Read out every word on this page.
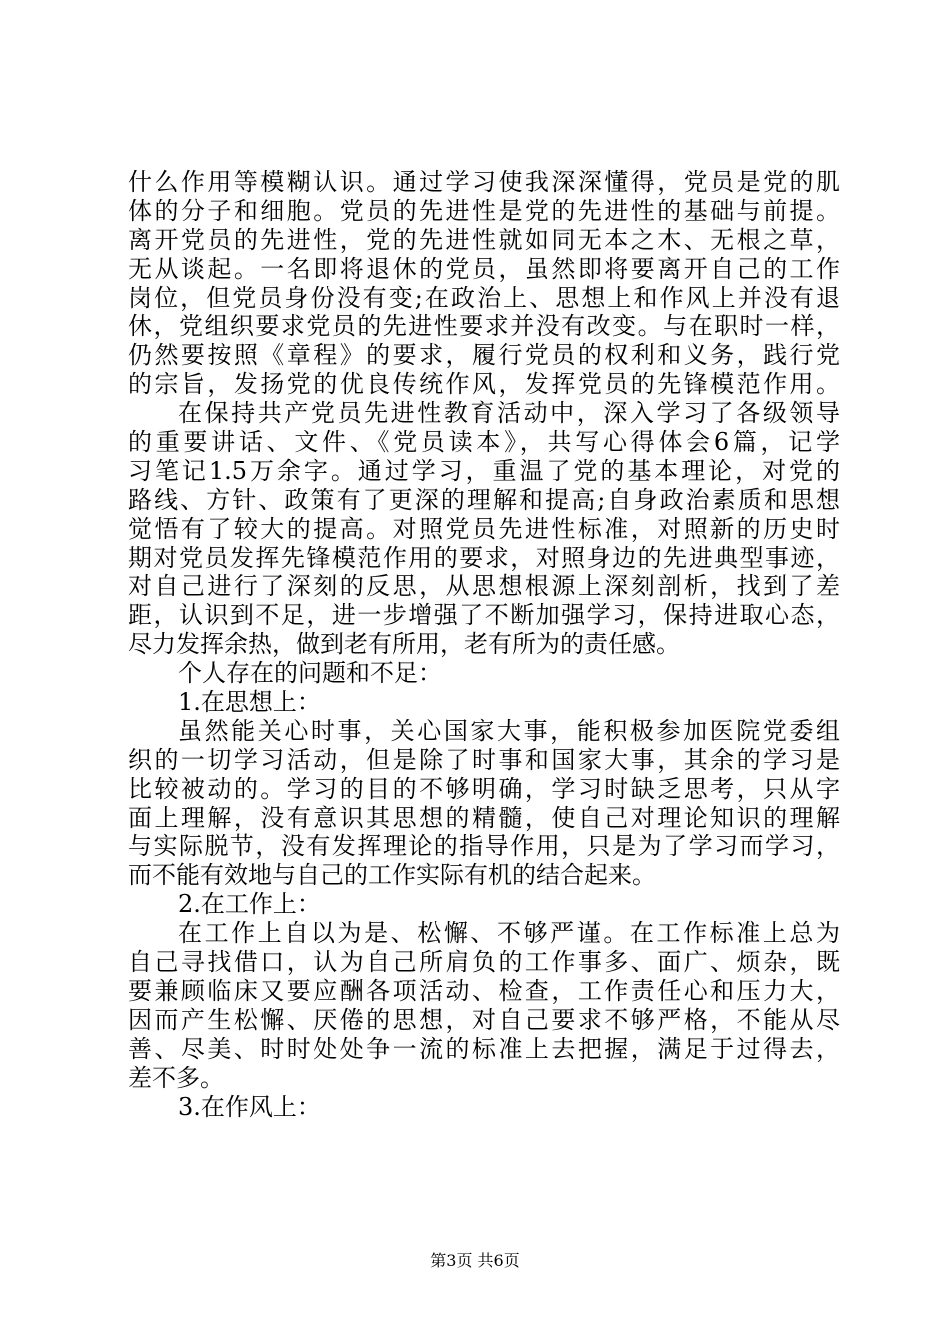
什么作用等模糊认识。通过学习使我深深懂得，党员是党的肌
体的分子和细胞。党员的先进性是党的先进性的基础与前提。
离开党员的先进性，党的先进性就如同无本之木、无根之草，
无从谈起。一名即将退休的党员，虽然即将要离开自己的工作
岗位，但党员身份没有变;在政治上、思想上和作风上并没有退
休，党组织要求党员的先进性要求并没有改变。与在职时一样，
仍然要按照《章程》的要求，履行党员的权利和义务，践行党
的宗旨，发扬党的优良传统作风，发挥党员的先锋模范作用。
在保持共产党员先进性教育活动中，深入学习了各级领导
的重要讲话、文件、《党员读本》，共写心得体会6篇，记学
习笔记1.5万余字。通过学习，重温了党的基本理论，对党的
路线、方针、政策有了更深的理解和提高;自身政治素质和思想
觉悟有了较大的提高。对照党员先进性标准，对照新的历史时
期对党员发挥先锋模范作用的要求，对照身边的先进典型事迹，
对自己进行了深刻的反思，从思想根源上深刻剖析，找到了差
距，认识到不足，进一步增强了不断加强学习，保持进取心态，
尽力发挥余热，做到老有所用，老有所为的责任感。
个人存在的问题和不足：
1.在思想上：
虽然能关心时事，关心国家大事，能积极参加医院党委组
织的一切学习活动，但是除了时事和国家大事，其余的学习是
比较被动的。学习的目的不够明确，学习时缺乏思考，只从字
面上理解，没有意识其思想的精髓，使自己对理论知识的理解
与实际脱节，没有发挥理论的指导作用，只是为了学习而学习，
而不能有效地与自己的工作实际有机的结合起来。
2.在工作上：
在工作上自以为是、松懈、不够严谨。在工作标准上总为
自己寻找借口，认为自己所肩负的工作事多、面广、烦杂，既
要兼顾临床又要应酬各项活动、检查，工作责任心和压力大，
因而产生松懈、厌倦的思想，对自己要求不够严格，不能从尽
善、尽美、时时处处争一流的标准上去把握，满足于过得去，
差不多。
3.在作风上：
第3页 共6页
